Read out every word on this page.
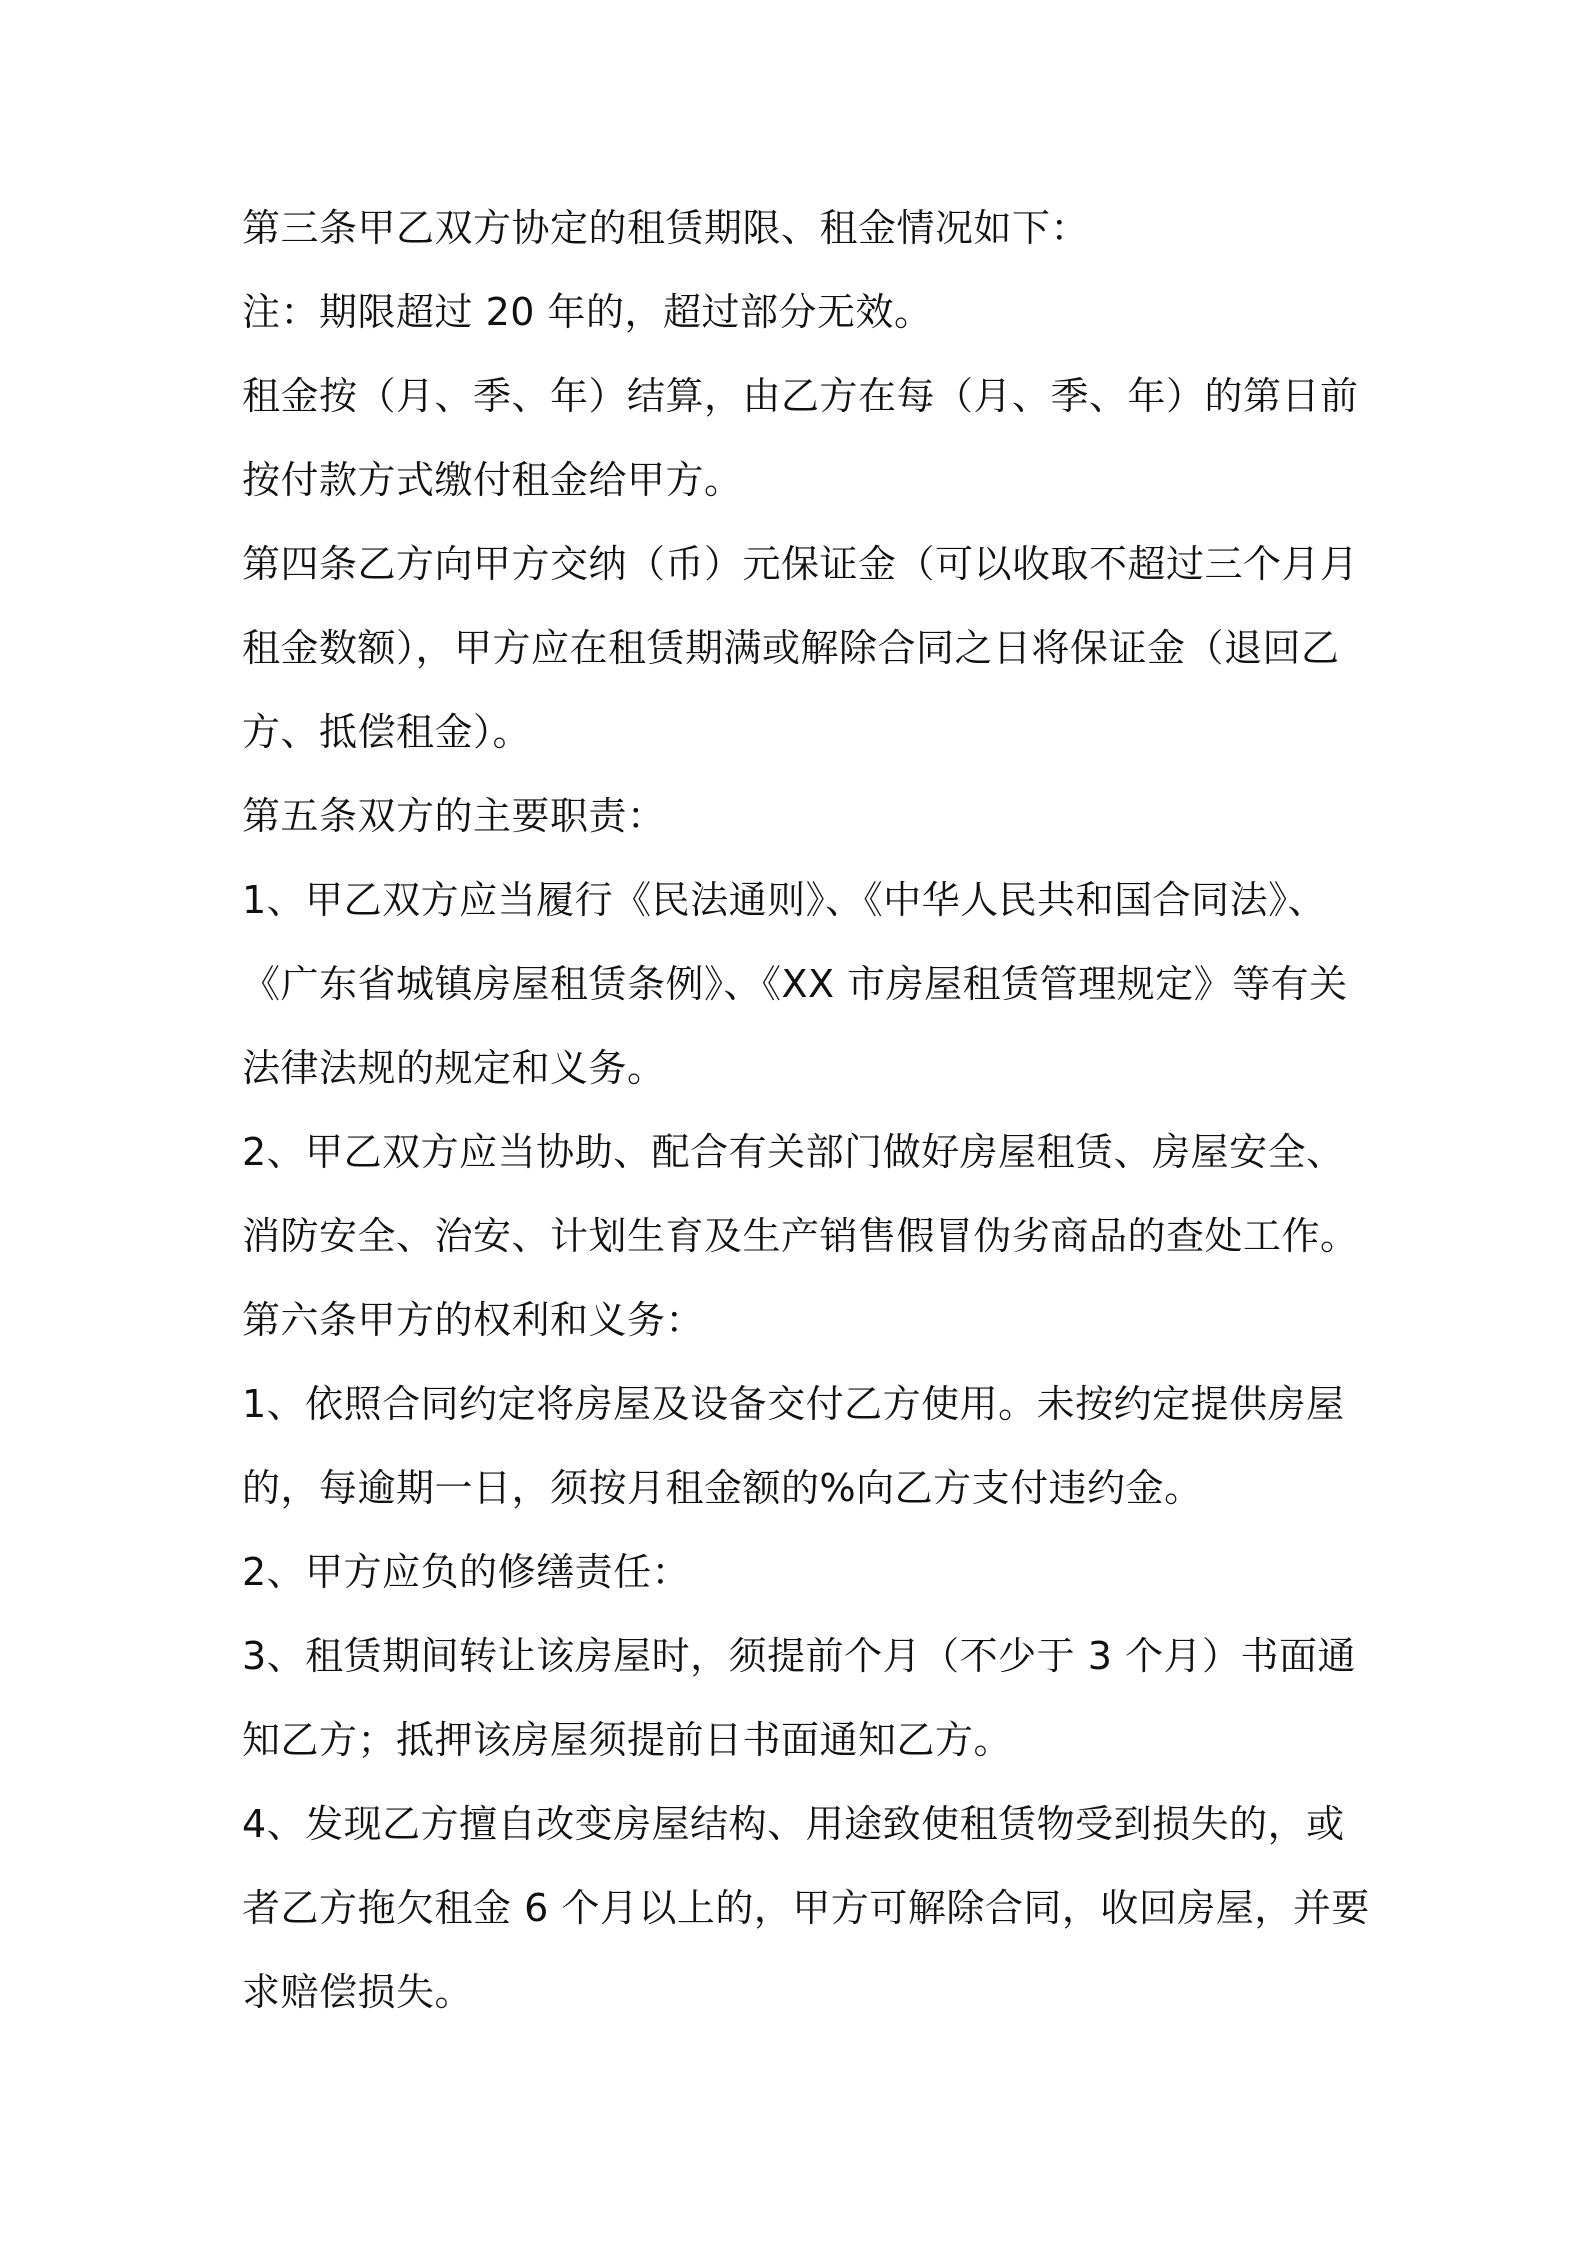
第三条甲乙双方协定的租赁期限、租金情况如下：

注：期限超过 20 年的，超过部分无效。

租金按（月、季、年）结算，由乙方在每（月、季、年）的第日前按付款方式缴付租金给甲方。

第四条乙方向甲方交纳（币）元保证金（可以收取不超过三个月月租金数额），甲方应在租赁期满或解除合同之日将保证金（退回乙方、抵偿租金）。

第五条双方的主要职责：

1、甲乙双方应当履行《民法通则》、《中华人民共和国合同法》、《广东省城镇房屋租赁条例》、《XX 市房屋租赁管理规定》等有关法律法规的规定和义务。

2、甲乙双方应当协助、配合有关部门做好房屋租赁、房屋安全、消防安全、治安、计划生育及生产销售假冒伪劣商品的查处工作。

第六条甲方的权利和义务：

1、依照合同约定将房屋及设备交付乙方使用。未按约定提供房屋的，每逾期一日，须按月租金额的%向乙方支付违约金。

2、甲方应负的修缮责任：

3、租赁期间转让该房屋时，须提前个月（不少于 3 个月）书面通知乙方；抵押该房屋须提前日书面通知乙方。

4、发现乙方擅自改变房屋结构、用途致使租赁物受到损失的，或者乙方拖欠租金 6 个月以上的，甲方可解除合同，收回房屋，并要求赔偿损失。
